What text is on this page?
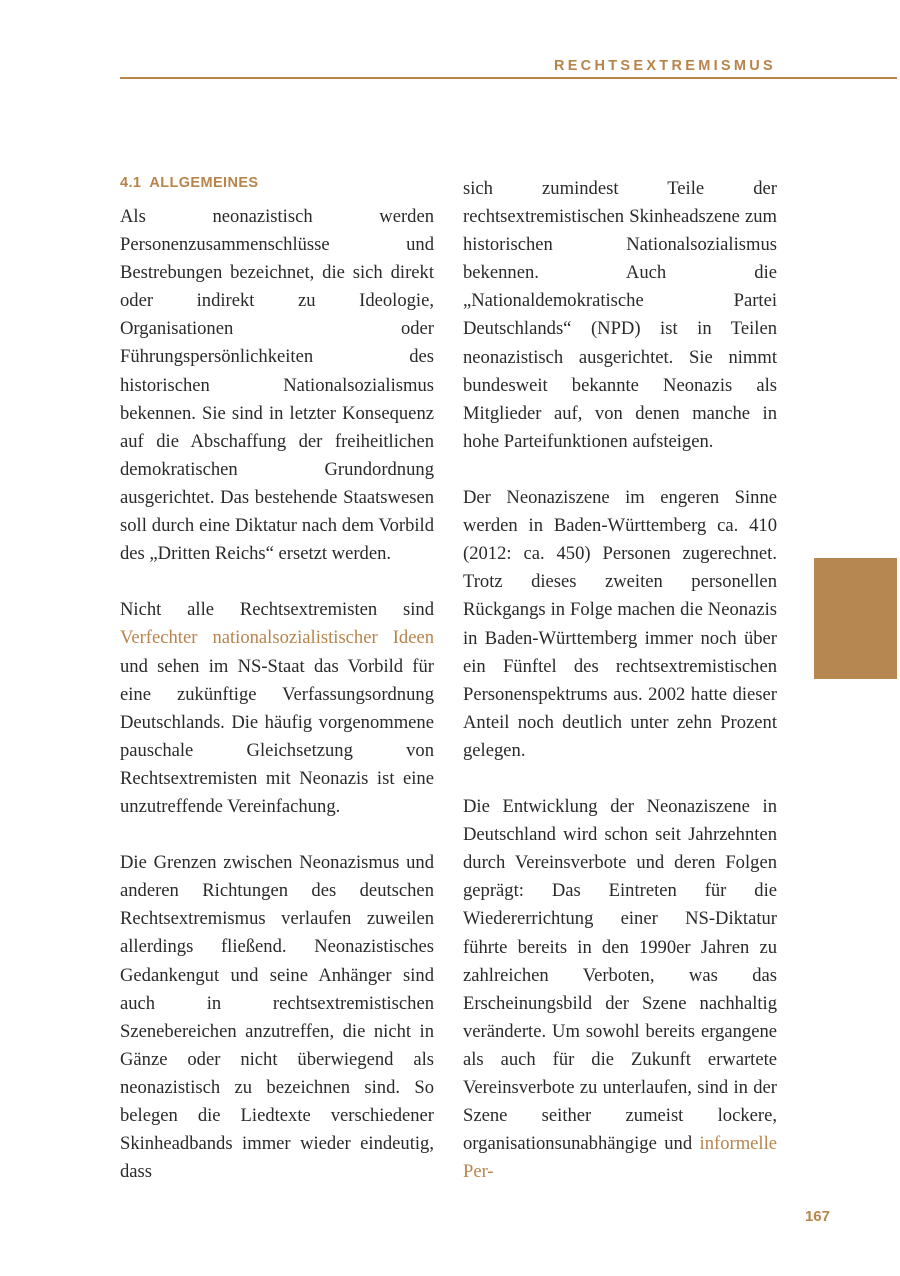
RECHTSEXTREMISMUS

4.1 ALLGEMEINES

Als neonazistisch werden Personenzusammenschlüsse und Bestrebungen bezeichnet, die sich direkt oder indirekt zu Ideologie, Organisationen oder Führungspersönlichkeiten des historischen Nationalsozialismus bekennen. Sie sind in letzter Konsequenz auf die Abschaffung der freiheitlichen demokratischen Grundordnung ausgerichtet. Das bestehende Staatswesen soll durch eine Diktatur nach dem Vorbild des „Dritten Reichs“ ersetzt werden.

Nicht alle Rechtsextremisten sind Verfechter nationalsozialistischer Ideen und sehen im NS-Staat das Vorbild für eine zukünftige Verfassungsordnung Deutschlands. Die häufig vorgenommene pauschale Gleichsetzung von Rechtsextremisten mit Neonazis ist eine unzutreffende Vereinfachung.

Die Grenzen zwischen Neonazismus und anderen Richtungen des deutschen Rechtsextremismus verlaufen zuweilen allerdings fließend. Neonazistisches Gedankengut und seine Anhänger sind auch in rechtsextremistischen Szenebereichen anzutreffen, die nicht in Gänze oder nicht überwiegend als neonazistisch zu bezeichnen sind. So belegen die Liedtexte verschiedener Skinheadbands immer wieder eindeutig, dass

sich zumindest Teile der rechtsextremistischen Skinheadszene zum historischen Nationalsozialismus bekennen. Auch die „Nationaldemokratische Partei Deutschlands“ (NPD) ist in Teilen neonazistisch ausgerichtet. Sie nimmt bundesweit bekannte Neonazis als Mitglieder auf, von denen manche in hohe Parteifunktionen aufsteigen.

Der Neonaziszene im engeren Sinne werden in Baden-Württemberg ca. 410 (2012: ca. 450) Personen zugerechnet. Trotz dieses zweiten personellen Rückgangs in Folge machen die Neonazis in Baden-Württemberg immer noch über ein Fünftel des rechtsextremistischen Personenspektrums aus. 2002 hatte dieser Anteil noch deutlich unter zehn Prozent gelegen.

Die Entwicklung der Neonaziszene in Deutschland wird schon seit Jahrzehnten durch Vereinsverbote und deren Folgen geprägt: Das Eintreten für die Wiedererrichtung einer NS-Diktatur führte bereits in den 1990er Jahren zu zahlreichen Verboten, was das Erscheinungsbild der Szene nachhaltig veränderte. Um sowohl bereits ergangene als auch für die Zukunft erwartete Vereinsverbote zu unterlaufen, sind in der Szene seither zumeist lockere, organisationsunabhängige und informelle Per-

167
